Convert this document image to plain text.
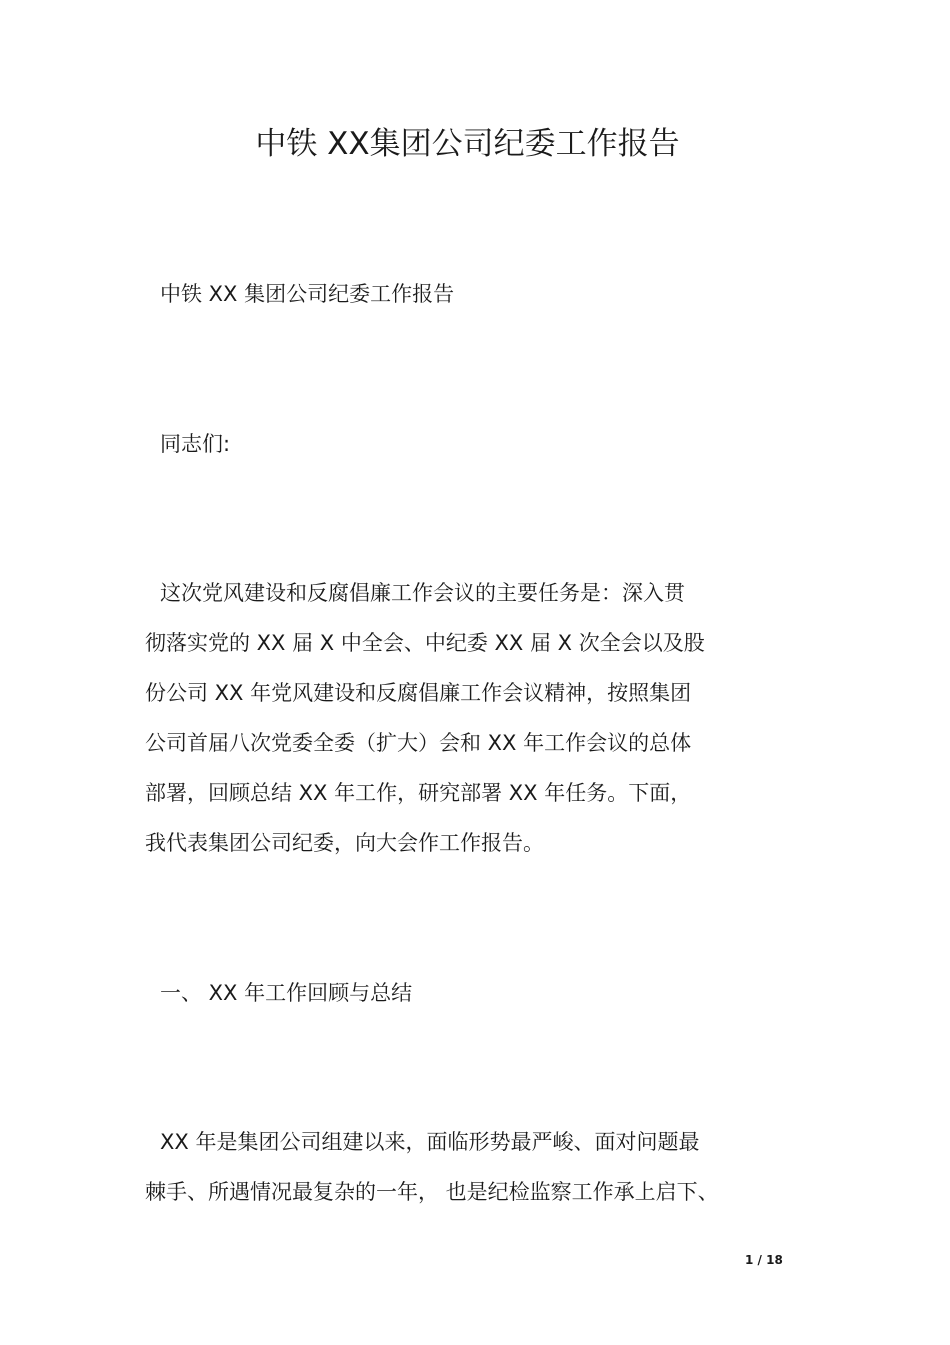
中铁 XX集团公司纪委工作报告
中铁 XX 集团公司纪委工作报告
同志们:
这次党风建设和反腐倡廉工作会议的主要任务是：深入贯
彻落实党的 XX 届 X 中全会、中纪委 XX 届 X 次全会以及股
份公司 XX 年党风建设和反腐倡廉工作会议精神，按照集团
公司首届八次党委全委（扩大）会和 XX 年工作会议的总体
部署，回顾总结 XX 年工作，研究部署 XX 年任务。下面，
我代表集团公司纪委，向大会作工作报告。
一、 XX 年工作回顾与总结
XX 年是集团公司组建以来，面临形势最严峻、面对问题最
棘手、所遇情况最复杂的一年， 也是纪检监察工作承上启下、
1 / 18
